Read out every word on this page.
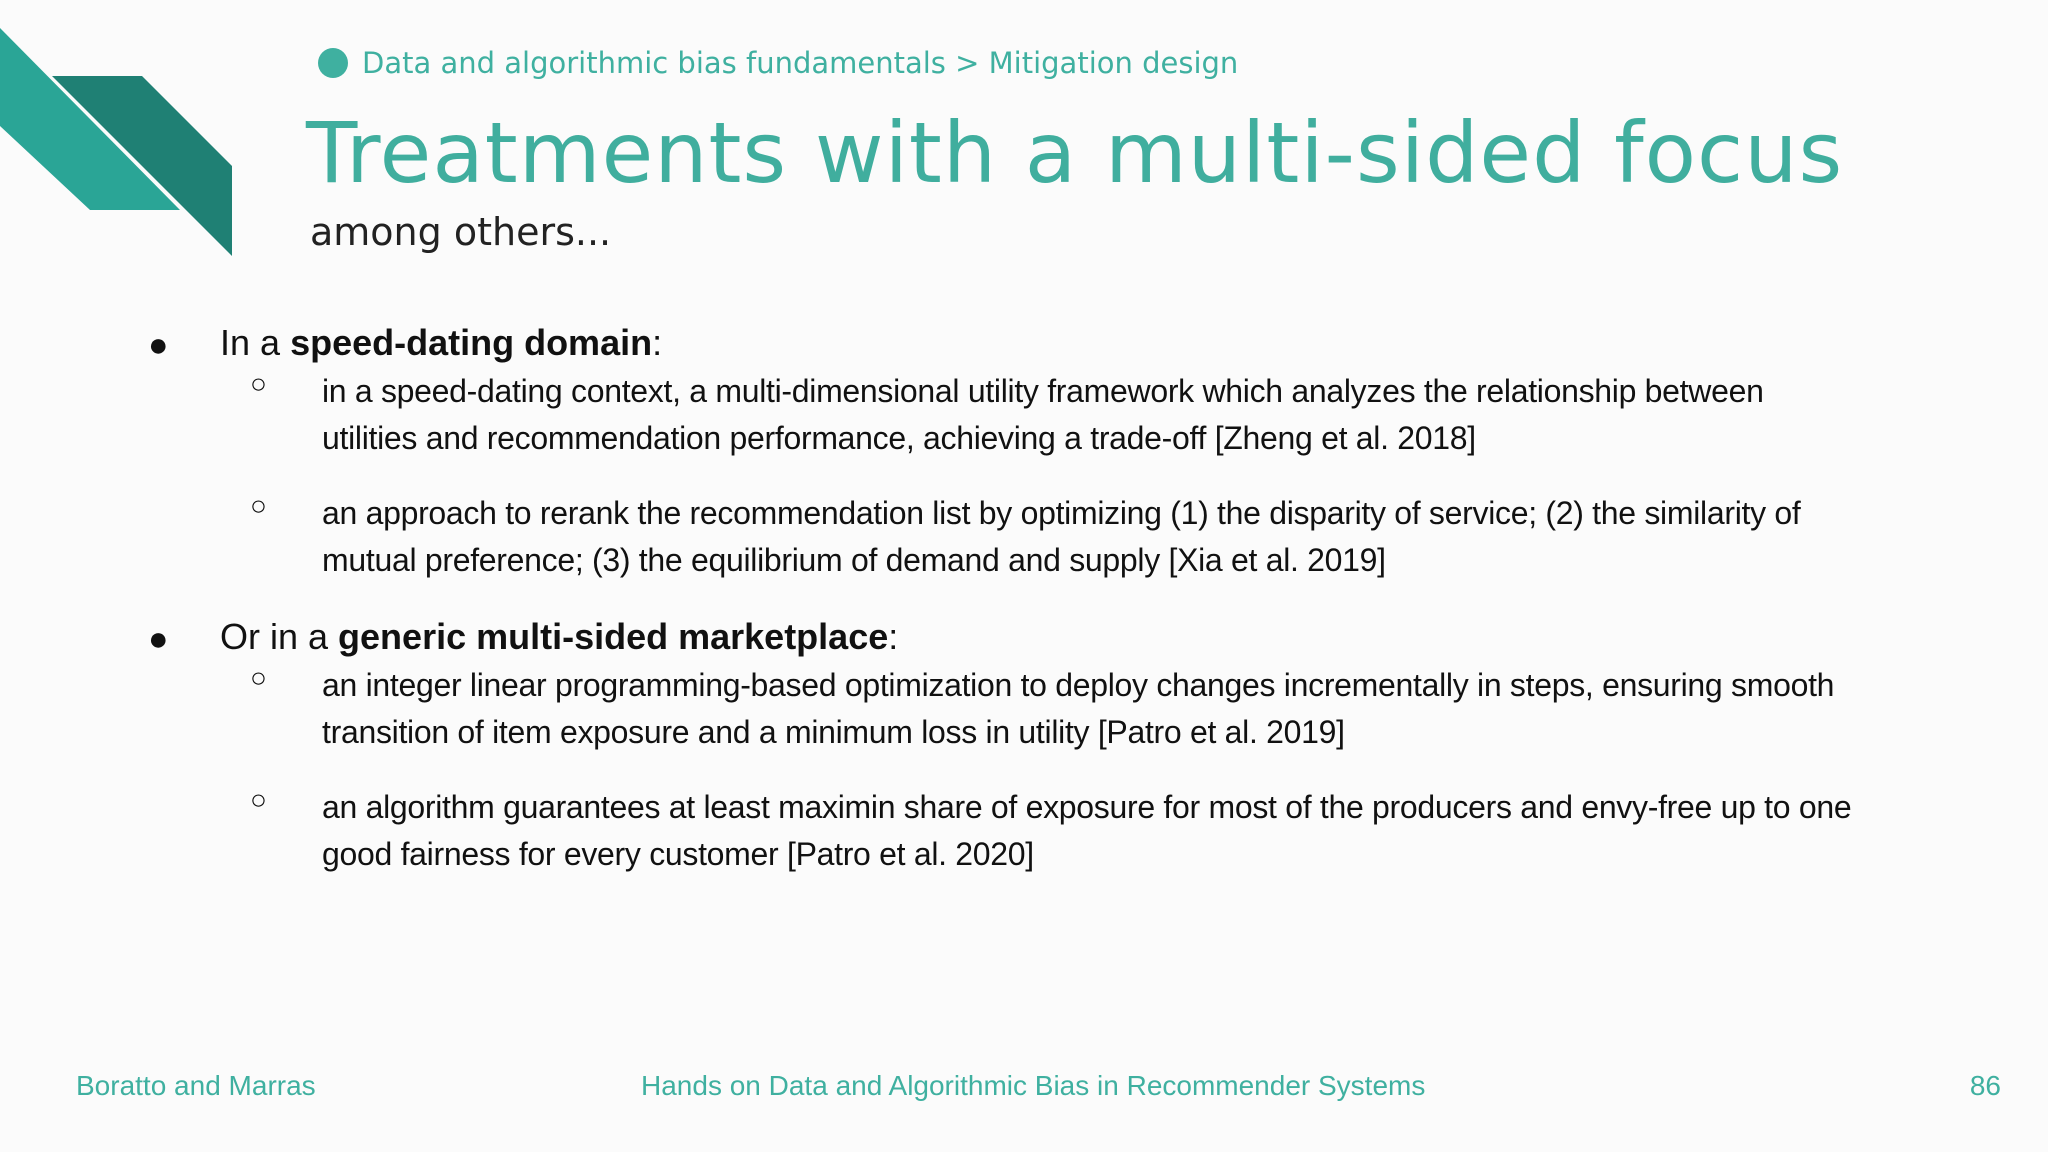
Data and algorithmic bias fundamentals > Mitigation design
Treatments with a multi-sided focus
among others...
● In a speed-dating domain:
○ in a speed-dating context, a multi-dimensional utility framework which analyzes the relationship between
utilities and recommendation performance, achieving a trade-off [Zheng et al. 2018]
○ an approach to rerank the recommendation list by optimizing (1) the disparity of service; (2) the similarity of
mutual preference; (3) the equilibrium of demand and supply [Xia et al. 2019]
● Or in a generic multi-sided marketplace:
○ an integer linear programming-based optimization to deploy changes incrementally in steps, ensuring smooth
transition of item exposure and a minimum loss in utility [Patro et al. 2019]
○ an algorithm guarantees at least maximin share of exposure for most of the producers and envy-free up to one
good fairness for every customer [Patro et al. 2020]
Boratto and Marras	Hands on Data and Algorithmic Bias in Recommender Systems	86
